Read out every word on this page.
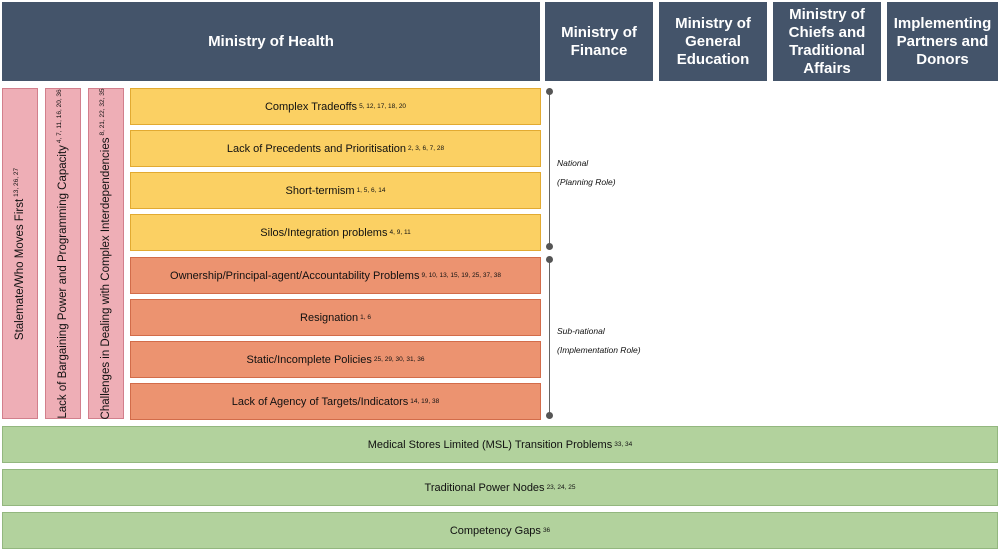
Ministry of Health
Ministry of Finance
Ministry of General Education
Ministry of Chiefs and Traditional Affairs
Implementing Partners and Donors
Stalemate/Who Moves First$^{13, 26, 27}$	Lack of Bargaining Power and Programming Capacity$^{4, 7, 11, 16, 20, 36}$
Challenges in Dealing with Complex Interdependencies$^{8, 21, 22, 32, 35}$	Complex Tradeoffs 5, 12, 17, 18, 20
Lack of Precedents and Prioritisation 2, 3, 6, 7, 28
Short-termism 1, 5, 6, 14
Silos/Integration problems 4, 9, 11
Ownership/Principal-agent/Accountability Problems 9, 10, 13, 15, 19, 25, 37, 38
Resignation 1, 6
Static/Incomplete Policies 25, 29, 30, 31, 36
Lack of Agency of Targets/Indicators 14, 19, 38
National
(Planning Role)
Sub-national
(Implementation Role)
Medical Stores Limited (MSL) Transition Problems 33, 34
Traditional Power Nodes 23, 24, 25
Competency Gaps 36
